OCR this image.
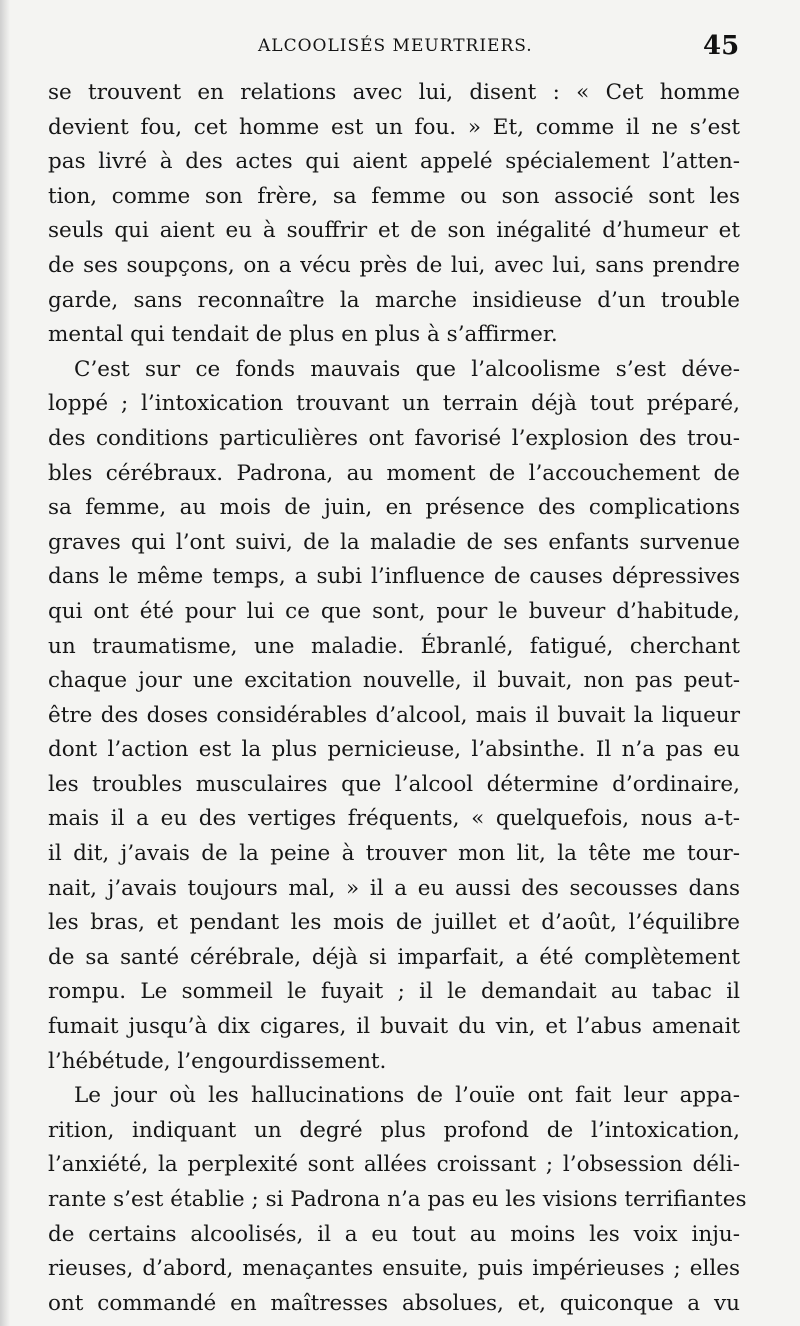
ALCOOLISÉS MEURTRIERS.	45
se trouvent en relations avec lui, disent : « Cet homme
devient fou, cet homme est un fou. » Et, comme il ne s’est
pas livré à des actes qui aient appelé spécialement l’atten-
tion, comme son frère, sa femme ou son associé sont les
seuls qui aient eu à souffrir et de son inégalité d’humeur et
de ses soupçons, on a vécu près de lui, avec lui, sans prendre
garde, sans reconnaître la marche insidieuse d’un trouble
mental qui tendait de plus en plus à s’affirmer.
C’est sur ce fonds mauvais que l’alcoolisme s’est déve-
loppé ; l’intoxication trouvant un terrain déjà tout préparé,
des conditions particulières ont favorisé l’explosion des trou-
bles cérébraux. Padrona, au moment de l’accouchement de
sa femme, au mois de juin, en présence des complications
graves qui l’ont suivi, de la maladie de ses enfants survenue
dans le même temps, a subi l’influence de causes dépressives
qui ont été pour lui ce que sont, pour le buveur d’habitude,
un traumatisme, une maladie. Ébranlé, fatigué, cherchant
chaque jour une excitation nouvelle, il buvait, non pas peut-
être des doses considérables d’alcool, mais il buvait la liqueur
dont l’action est la plus pernicieuse, l’absinthe. Il n’a pas eu
les troubles musculaires que l’alcool détermine d’ordinaire,
mais il a eu des vertiges fréquents, « quelquefois, nous a-t-
il dit, j’avais de la peine à trouver mon lit, la tête me tour-
nait, j’avais toujours mal, » il a eu aussi des secousses dans
les bras, et pendant les mois de juillet et d’août, l’équilibre
de sa santé cérébrale, déjà si imparfait, a été complètement
rompu. Le sommeil le fuyait ; il le demandait au tabac il
fumait jusqu’à dix cigares, il buvait du vin, et l’abus amenait
l’hébétude, l’engourdissement.
Le jour où les hallucinations de l’ouïe ont fait leur appa-
rition, indiquant un degré plus profond de l’intoxication,
l’anxiété, la perplexité sont allées croissant ; l’obsession déli-
rante s’est établie ; si Padrona n’a pas eu les visions terrifiantes
de certains alcoolisés, il a eu tout au moins les voix inju-
rieuses, d’abord, menaçantes ensuite, puis impérieuses ; elles
ont commandé en maîtresses absolues, et, quiconque a vu
